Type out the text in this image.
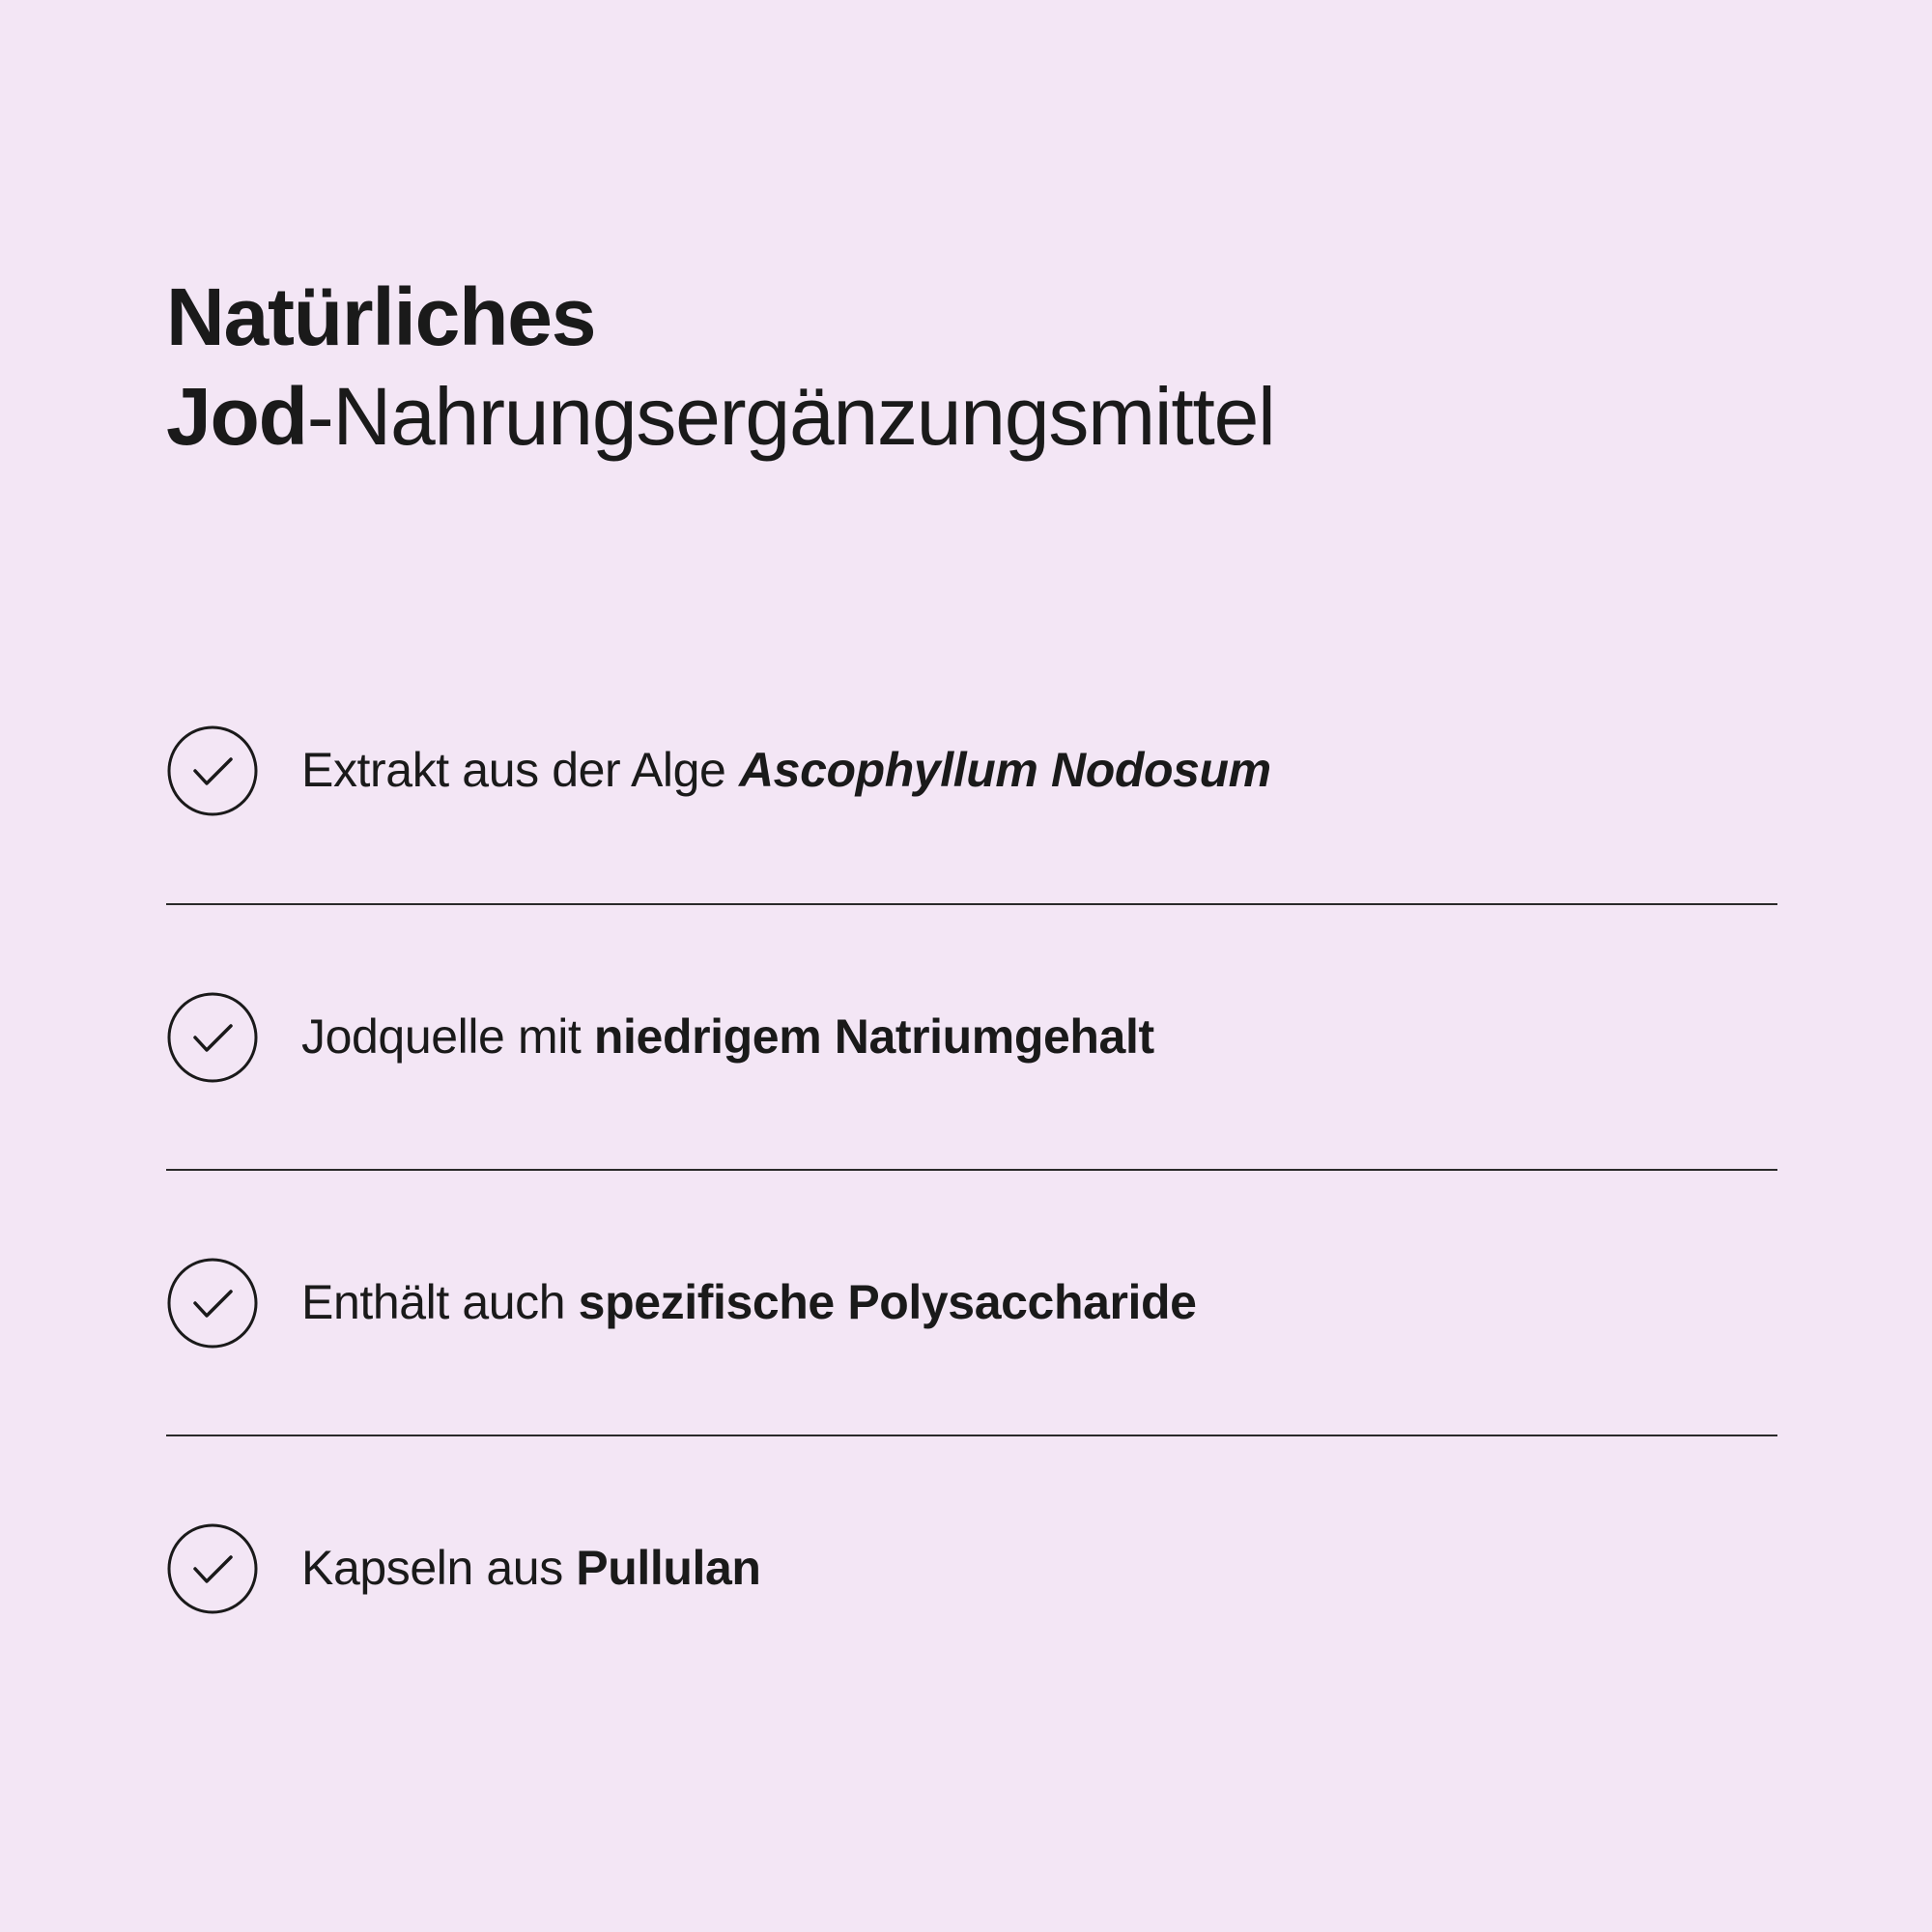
Natürliches
Jod-Nahrungsergänzungsmittel
Extrakt aus der Alge Ascophyllum Nodosum
Jodquelle mit niedrigem Natriumgehalt
Enthält auch spezifische Polysaccharide
Kapseln aus Pullulan
